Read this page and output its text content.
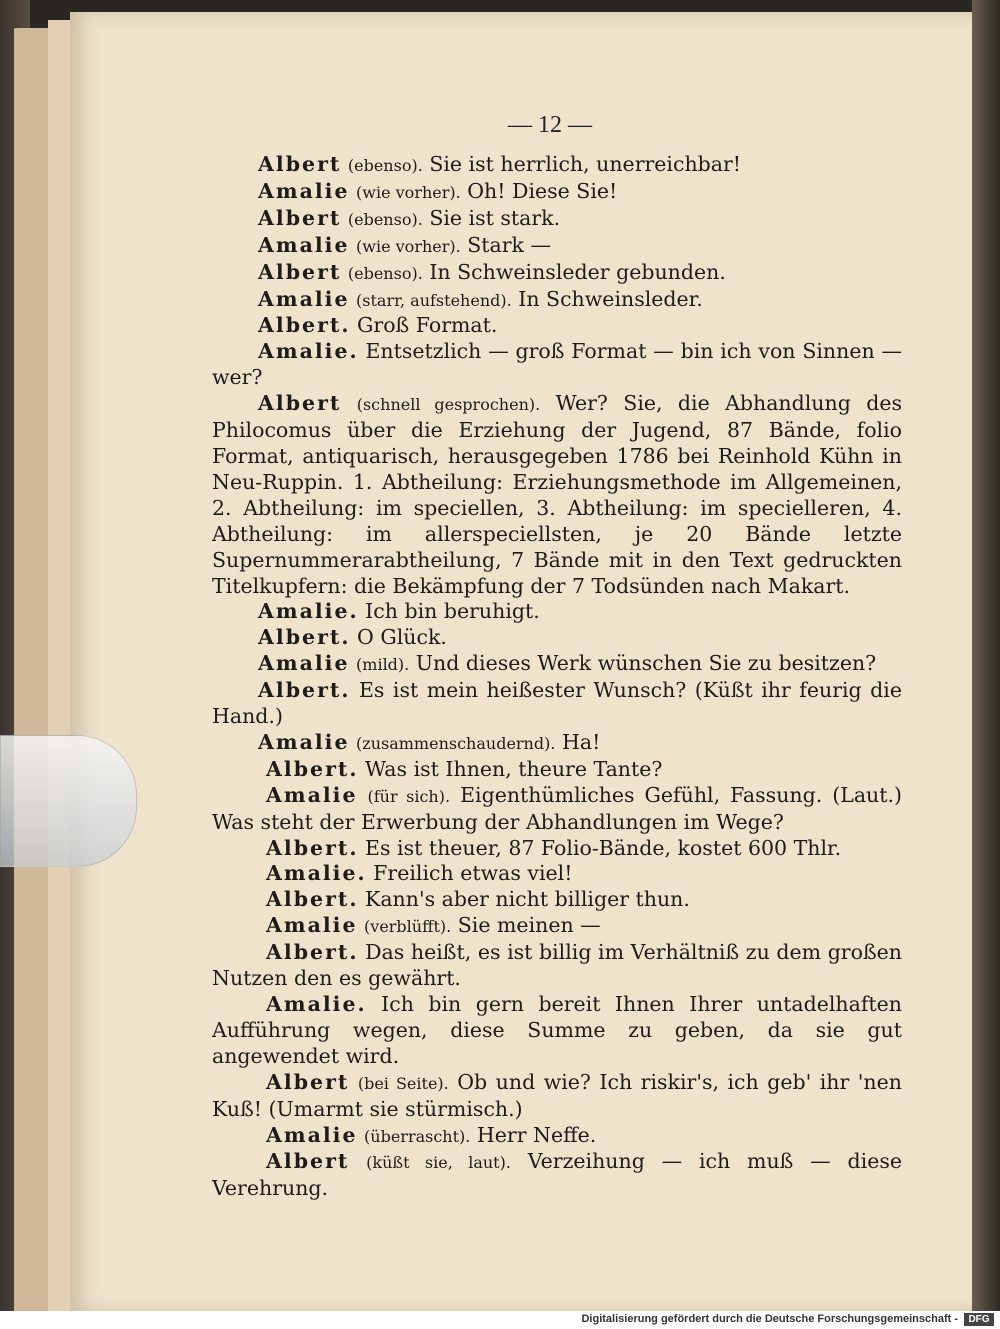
— 12 —

Albert (ebenso). Sie ist herrlich, unerreichbar!

Amalie (wie vorher). Oh! Diese Sie!

Albert (ebenso). Sie ist stark.

Amalie (wie vorher). Stark —

Albert (ebenso). In Schweinsleder gebunden.

Amalie (starr, aufstehend). In Schweinsleder.

Albert. Groß Format.

Amalie. Entsetzlich — groß Format — bin ich von Sinnen — wer?

Albert (schnell gesprochen). Wer? Sie, die Abhandlung des Philocomus über die Erziehung der Jugend, 87 Bände, folio Format, antiquarisch, herausgegeben 1786 bei Reinhold Kühn in Neu-Ruppin. 1. Abtheilung: Erziehungsmethode im Allgemeinen, 2. Abtheilung: im speciellen, 3. Abtheilung: im specielleren, 4. Abtheilung: im allerspeciellsten, je 20 Bände letzte Supernummerarabtheilung, 7 Bände mit in den Text gedruckten Titelkupfern: die Bekämpfung der 7 Todsünden nach Makart.

Amalie. Ich bin beruhigt.

Albert. O Glück.

Amalie (mild). Und dieses Werk wünschen Sie zu besitzen?

Albert. Es ist mein heißester Wunsch? (Küßt ihr feurig die Hand.)

Amalie (zusammenschaudernd). Ha!

Albert. Was ist Ihnen, theure Tante?

Amalie (für sich). Eigenthümliches Gefühl, Fassung. (Laut.) Was steht der Erwerbung der Abhandlungen im Wege?

Albert. Es ist theuer, 87 Folio-Bände, kostet 600 Thlr.

Amalie. Freilich etwas viel!

Albert. Kann's aber nicht billiger thun.

Amalie (verblüfft). Sie meinen —

Albert. Das heißt, es ist billig im Verhältniß zu dem großen Nutzen den es gewährt.

Amalie. Ich bin gern bereit Ihnen Ihrer untadelhaften Aufführung wegen, diese Summe zu geben, da sie gut angewendet wird.

Albert (bei Seite). Ob und wie? Ich riskir's, ich geb' ihr 'nen Kuß! (Umarmt sie stürmisch.)

Amalie (überrascht). Herr Neffe.

Albert (küßt sie, laut). Verzeihung — ich muß — diese Verehrung.

Digitalisierung gefördert durch die Deutsche Forschungsgemeinschaft -	DFG
